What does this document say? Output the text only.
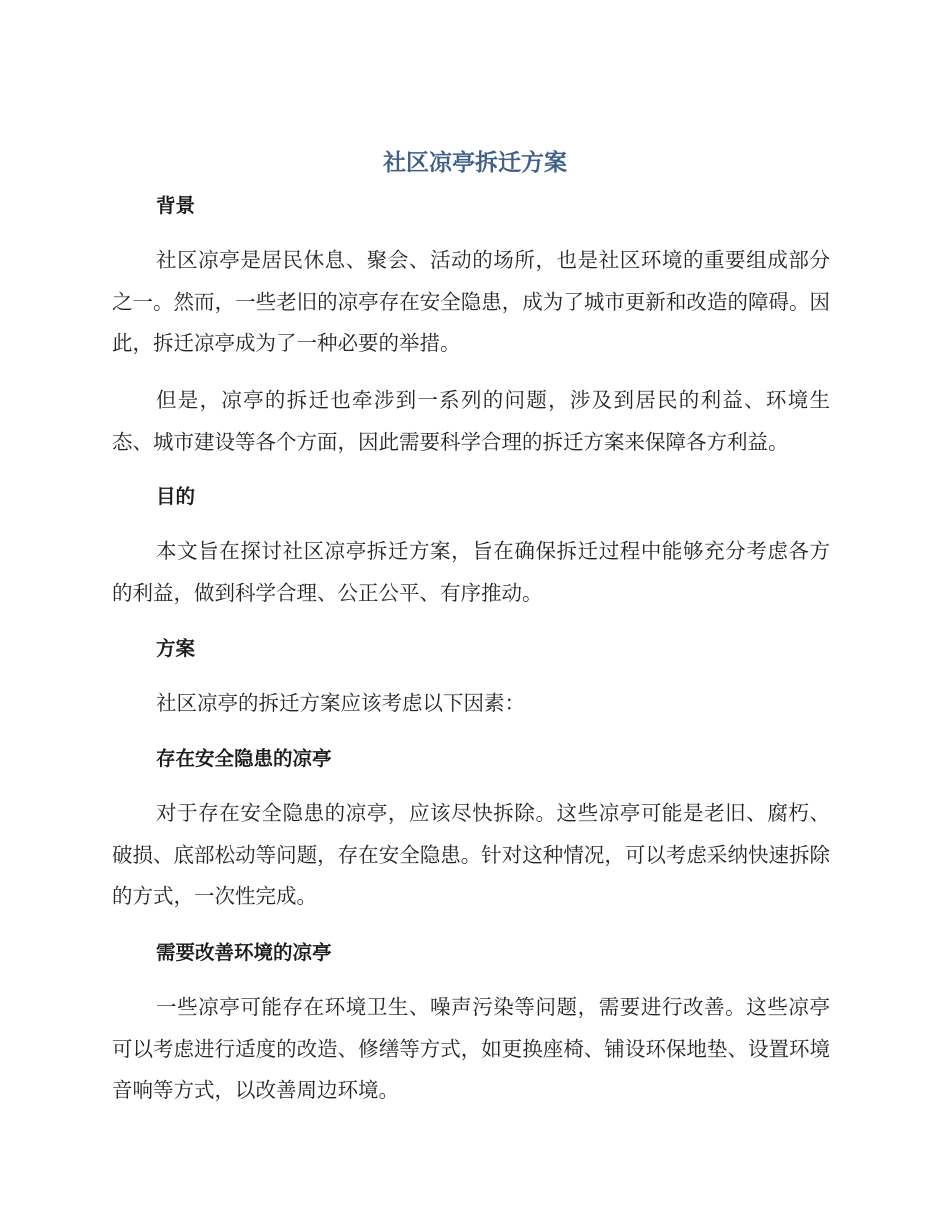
社区凉亭拆迁方案
背景

社区凉亭是居民休息、聚会、活动的场所，也是社区环境的重要组成部分之一。然而，一些老旧的凉亭存在安全隐患，成为了城市更新和改造的障碍。因此，拆迁凉亭成为了一种必要的举措。

但是，凉亭的拆迁也牵涉到一系列的问题，涉及到居民的利益、环境生态、城市建设等各个方面，因此需要科学合理的拆迁方案来保障各方利益。

目的

本文旨在探讨社区凉亭拆迁方案，旨在确保拆迁过程中能够充分考虑各方的利益，做到科学合理、公正公平、有序推动。

方案

社区凉亭的拆迁方案应该考虑以下因素：

存在安全隐患的凉亭

对于存在安全隐患的凉亭，应该尽快拆除。这些凉亭可能是老旧、腐朽、破损、底部松动等问题，存在安全隐患。针对这种情况，可以考虑采纳快速拆除的方式，一次性完成。

需要改善环境的凉亭

一些凉亭可能存在环境卫生、噪声污染等问题，需要进行改善。这些凉亭可以考虑进行适度的改造、修缮等方式，如更换座椅、铺设环保地垫、设置环境音响等方式，以改善周边环境。
